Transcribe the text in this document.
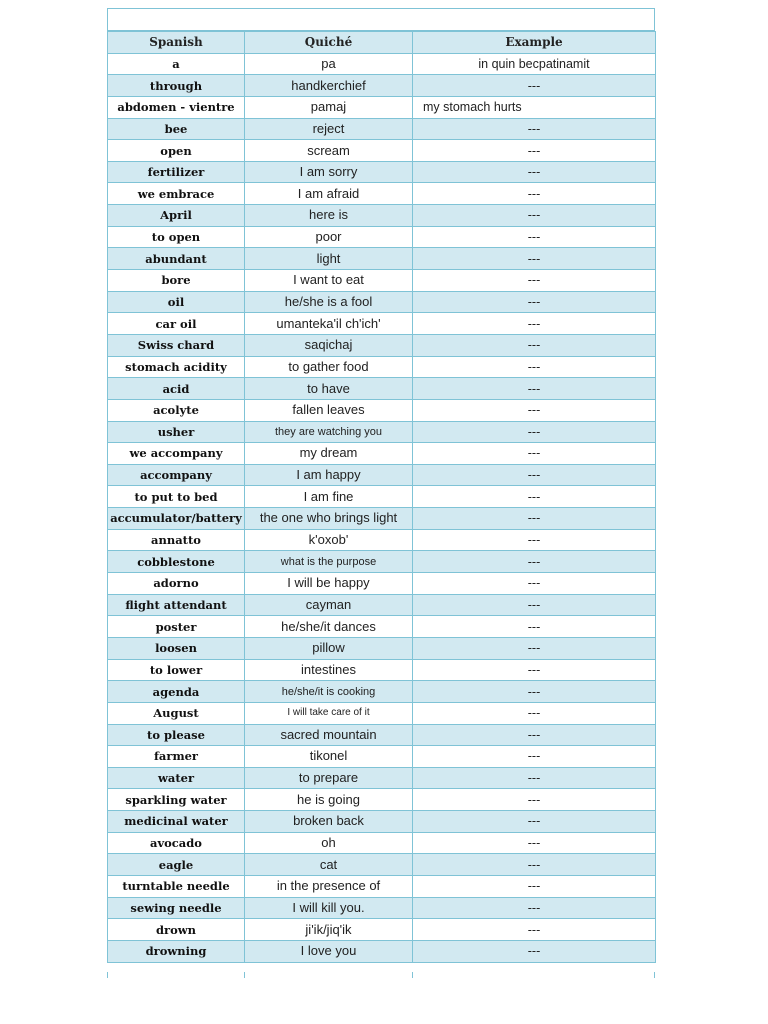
Spanish	Quiché	Example
a	pa	in quin becpatinamit
through	handkerchief	---
abdomen - vientre	pamaj	my stomach hurts
bee	reject	---
open	scream	---
fertilizer	I am sorry	---
we embrace	I am afraid	---
April	here is	---
to open	poor	---
abundant	light	---
bore	I want to eat	---
oil	he/she is a fool	---
car oil	umanteka'il ch'ich'	---
Swiss chard	saqichaj	---
stomach acidity	to gather food	---
acid	to have	---
acolyte	fallen leaves	---
usher	they are watching you	---
we accompany	my dream	---
accompany	I am happy	---
to put to bed	I am fine	---
accumulator/battery	the one who brings light	---
annatto	k'oxob'	---
cobblestone	what is the purpose	---
adorno	I will be happy	---
flight attendant	cayman	---
poster	he/she/it dances	---
loosen	pillow	---
to lower	intestines	---
agenda	he/she/it is cooking	---
August	I will take care of it	---
to please	sacred mountain	---
farmer	tikonel	---
water	to prepare	---
sparkling water	he is going	---
medicinal water	broken back	---
avocado	oh	---
eagle	cat	---
turntable needle	in the presence of	---
sewing needle	I will kill you.	---
drown	ji'ik/jiq'ik	---
drowning	I love you	---
